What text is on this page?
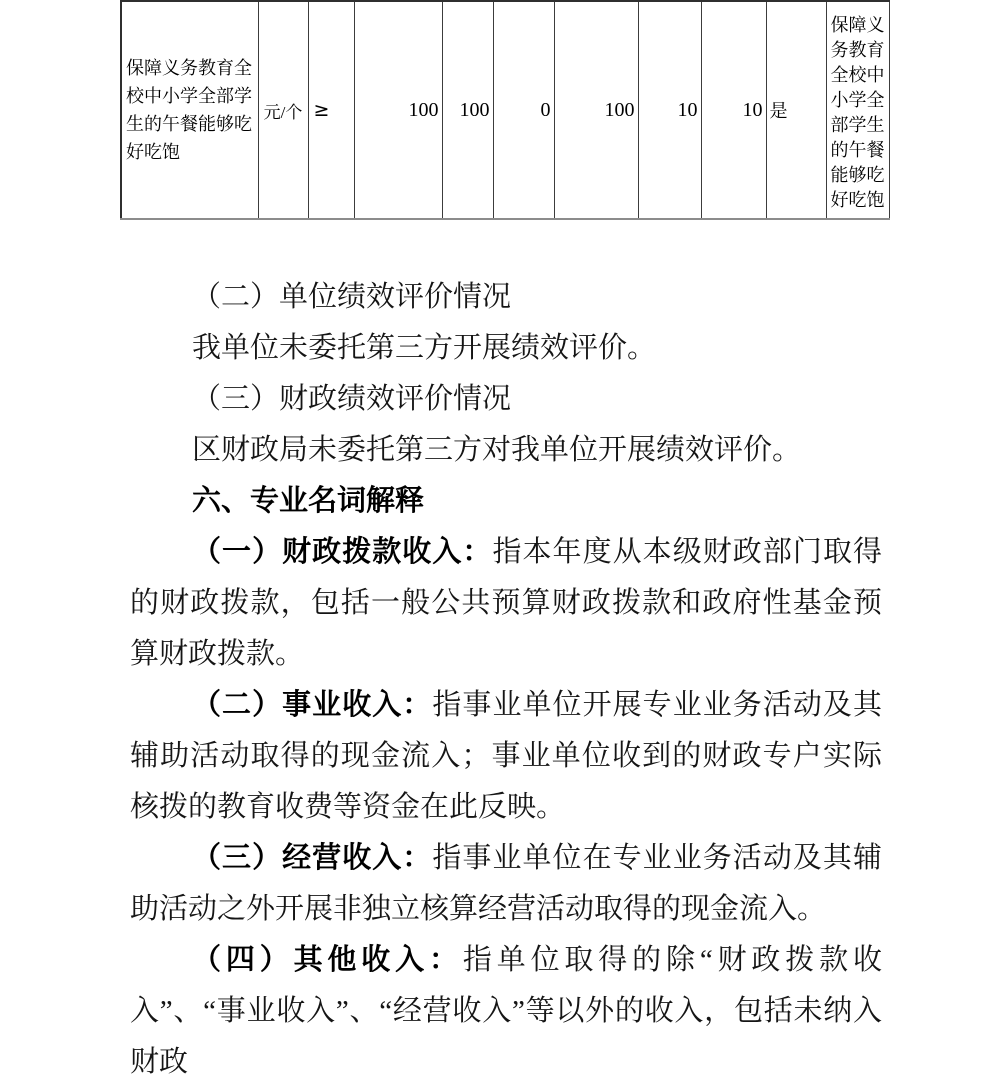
保障义务教育全校中小学全部学生的午餐能够吃好吃饱	元/个	≥	100	100	0	100	10	10	是	保障义务教育全校中小学全部学生的午餐能够吃好吃饱

（二）单位绩效评价情况

我单位未委托第三方开展绩效评价。

（三）财政绩效评价情况

区财政局未委托第三方对我单位开展绩效评价。

六、专业名词解释

（一）财政拨款收入：指本年度从本级财政部门取得的财政拨款，包括一般公共预算财政拨款和政府性基金预算财政拨款。

（二）事业收入：指事业单位开展专业业务活动及其辅助活动取得的现金流入；事业单位收到的财政专户实际核拨的教育收费等资金在此反映。

（三）经营收入：指事业单位在专业业务活动及其辅助活动之外开展非独立核算经营活动取得的现金流入。

（四）其他收入：指单位取得的除“财政拨款收入”、“事业收入”、“经营收入”等以外的收入，包括未纳入财政
